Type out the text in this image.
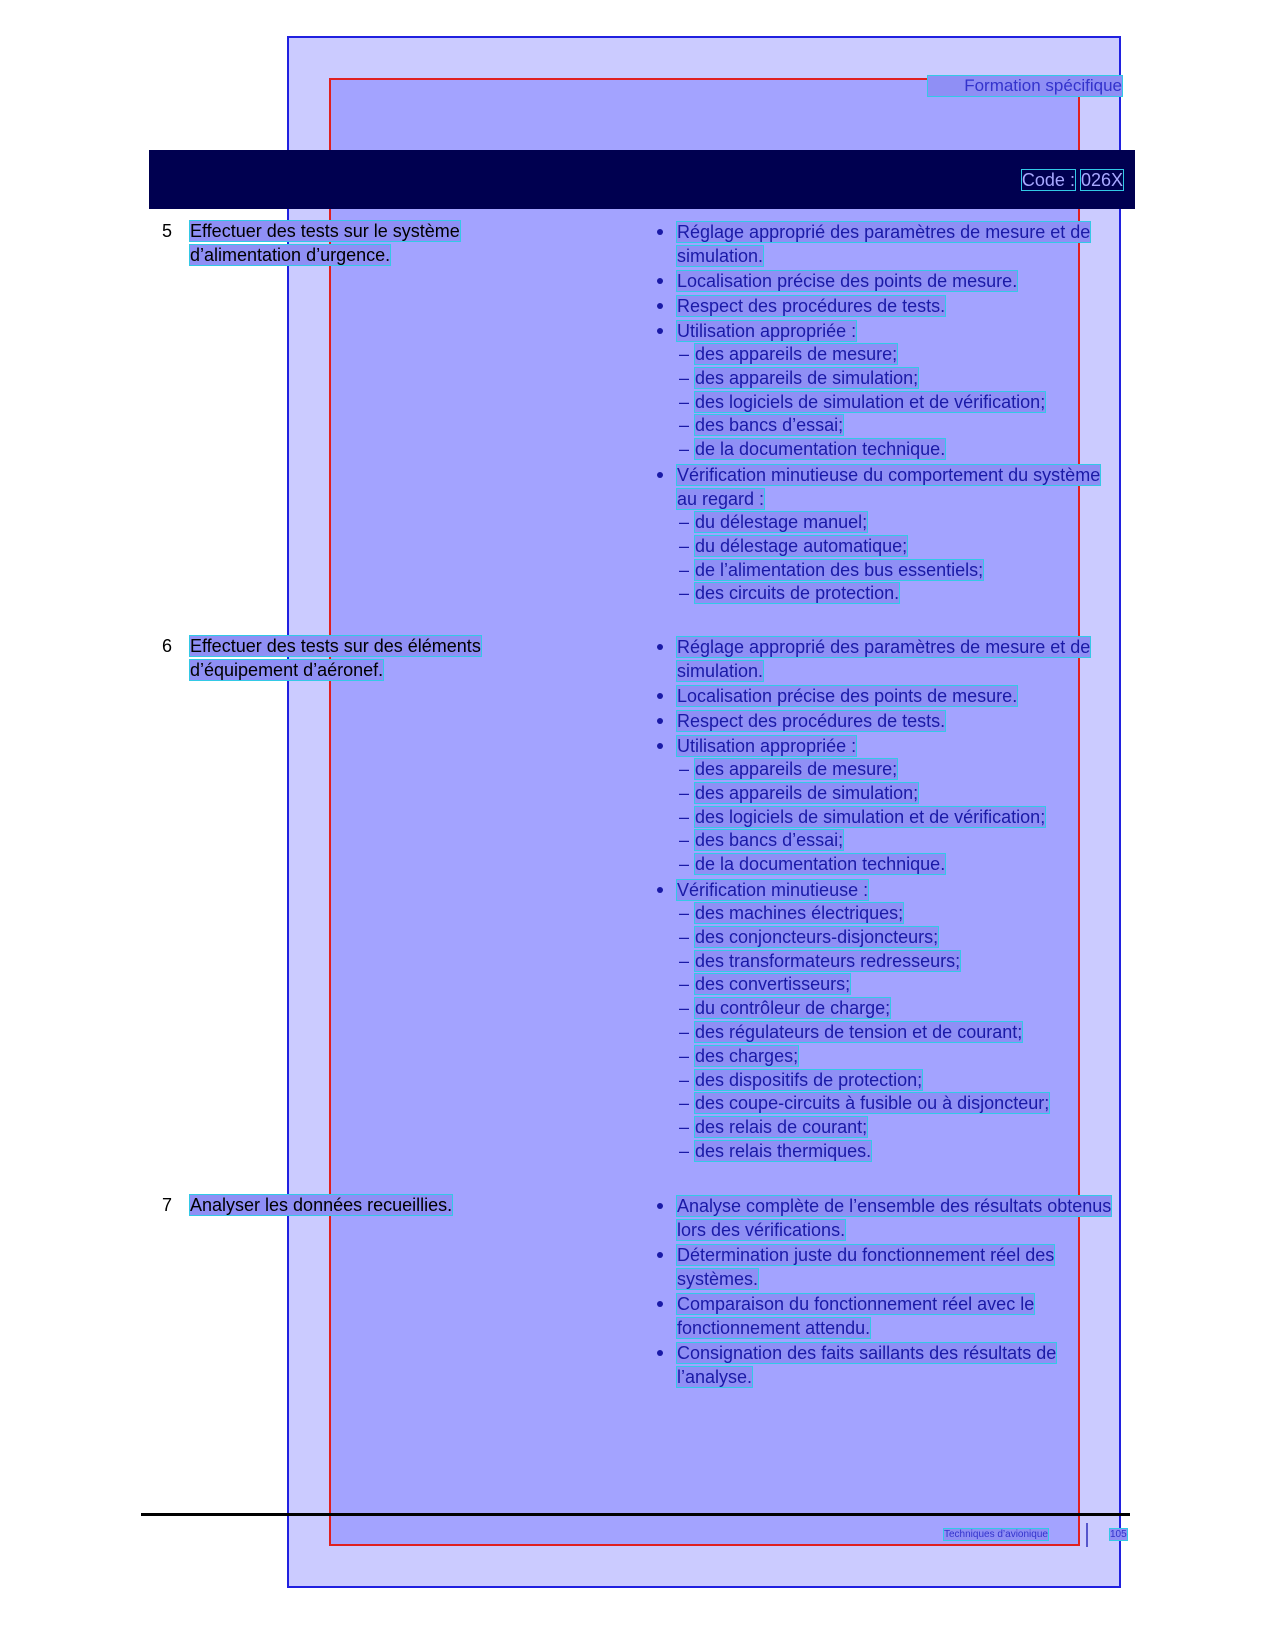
Formation spécifique
Code : 026X
5 Effectuer des tests sur le système
d’alimentation d’urgence.
Réglage approprié des paramètres de mesure et de simulation.
Localisation précise des points de mesure.
Respect des procédures de tests.
Utilisation appropriée :
– des appareils de mesure;
– des appareils de simulation;
– des logiciels de simulation et de vérification;
– des bancs d’essai;
– de la documentation technique.
Vérification minutieuse du comportement du système au regard :
– du délestage manuel;
– du délestage automatique;
– de l’alimentation des bus essentiels;
– des circuits de protection.
6 Effectuer des tests sur des éléments
d’équipement d’aéronef.
Réglage approprié des paramètres de mesure et de simulation.
Localisation précise des points de mesure.
Respect des procédures de tests.
Utilisation appropriée :
– des appareils de mesure;
– des appareils de simulation;
– des logiciels de simulation et de vérification;
– des bancs d’essai;
– de la documentation technique.
Vérification minutieuse :
– des machines électriques;
– des conjoncteurs-disjoncteurs;
– des transformateurs redresseurs;
– des convertisseurs;
– du contrôleur de charge;
– des régulateurs de tension et de courant;
– des charges;
– des dispositifs de protection;
– des coupe-circuits à fusible ou à disjoncteur;
– des relais de courant;
– des relais thermiques.
7 Analyser les données recueillies.	Analyse complète de l’ensemble des résultats obtenus lors des vérifications.
Détermination juste du fonctionnement réel des systèmes.
Comparaison du fonctionnement réel avec le fonctionnement attendu.
Consignation des faits saillants des résultats de l’analyse.
Techniques d’avionique	105
